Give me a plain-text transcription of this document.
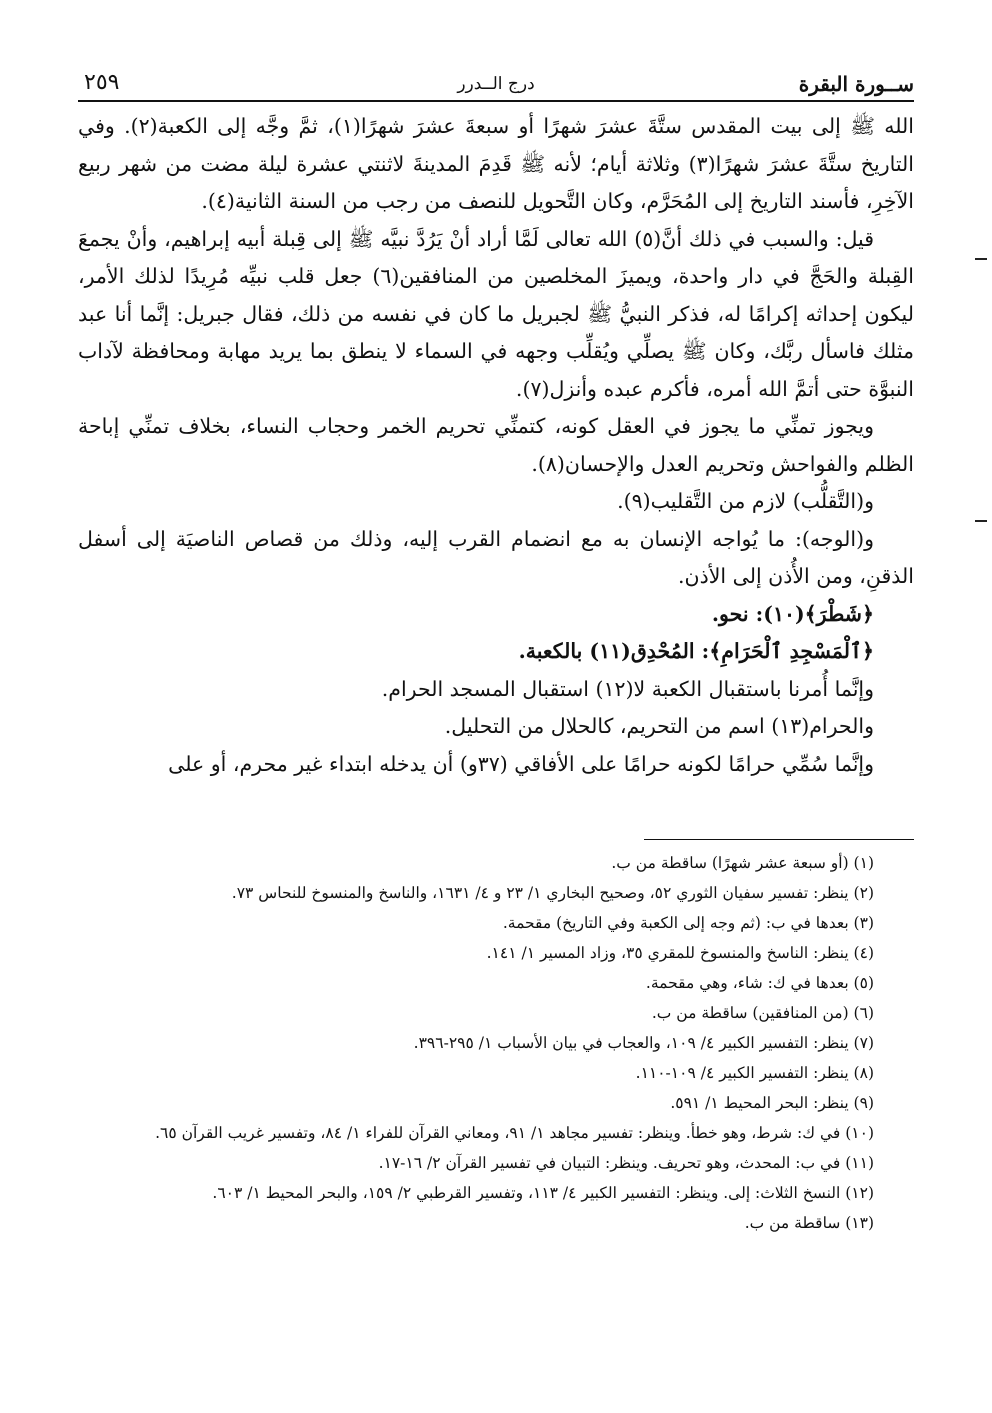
ســورة البقرة
درج الــدرر
٢٥٩

الله ﷺ إلى بيت المقدس ستَّةَ عشرَ شهرًا أو سبعةَ عشرَ شهرًا(١)، ثمَّ وجَّه إلى الكعبة(٢). وفي التاريخ ستَّةَ عشرَ شهرًا(٣) وثلاثة أيام؛ لأنه ﷺ قَدِمَ المدينةَ لاثنتي عشرة ليلة مضت من شهر ربيع الآخِرِ، فأسند التاريخ إلى المُحَرَّم، وكان التَّحويل للنصف من رجب من السنة الثانية(٤).

قيل: والسبب في ذلك أنَّ(٥) الله تعالى لَمَّا أراد أنْ يَرُدَّ نبيَّه ﷺ إلى قِبلة أبيه إبراهيم، وأنْ يجمعَ القِبلة والحَجَّ في دار واحدة، ويميزَ المخلصين من المنافقين(٦) جعل قلب نبيِّه مُرِيدًا لذلك الأمر، ليكون إحداثه إكرامًا له، فذكر النبيُّ ﷺ لجبريل ما كان في نفسه من ذلك، فقال جبريل: إنَّما أنا عبد مثلك فاسأل ربَّك، وكان ﷺ يصلِّي ويُقلِّب وجهه في السماء لا ينطق بما يريد مهابة ومحافظة لآداب النبوَّة حتى أتمَّ الله أمره، فأكرم عبده وأنزل(٧).

ويجوز تمنِّي ما يجوز في العقل كونه، كتمنِّي تحريم الخمر وحجاب النساء، بخلاف تمنِّي إباحة الظلم والفواحش وتحريم العدل والإحسان(٨).

و(التَّقلُّب) لازم من التَّقليب(٩).

و(الوجه): ما يُواجه الإنسان به مع انضمام القرب إليه، وذلك من قصاص الناصيَة إلى أسفل الذقنِ، ومن الأُذن إلى الأذن.

﴿شَطْرَ﴾(١٠): نحو.

﴿ٱلْمَسْجِدِ ٱلْحَرَامِ﴾: المُحْدِق(١١) بالكعبة.

وإنَّما أُمرنا باستقبال الكعبة لا(١٢) استقبال المسجد الحرام.

والحرام(١٣) اسم من التحريم، كالحلال من التحليل.

وإنَّما سُمِّي حرامًا لكونه حرامًا على الأفاقي (٣٧و) أن يدخله ابتداء غير محرم، أو على

(١) (أو سبعة عشر شهرًا) ساقطة من ب.
(٢) ينظر: تفسير سفيان الثوري ٥٢، وصحيح البخاري ١/ ٢٣ و ٤/ ١٦٣١، والناسخ والمنسوخ للنحاس ٧٣.
(٣) بعدها في ب: (ثم وجه إلى الكعبة وفي التاريخ) مقحمة.
(٤) ينظر: الناسخ والمنسوخ للمقري ٣٥، وزاد المسير ١/ ١٤١.
(٥) بعدها في ك: شاء، وهي مقحمة.
(٦) (من المنافقين) ساقطة من ب.
(٧) ينظر: التفسير الكبير ٤/ ١٠٩، والعجاب في بيان الأسباب ١/ ٢٩٥-٣٩٦.
(٨) ينظر: التفسير الكبير ٤/ ١٠٩-١١٠.
(٩) ينظر: البحر المحيط ١/ ٥٩١.
(١٠) في ك: شرط، وهو خطأ. وينظر: تفسير مجاهد ١/ ٩١، ومعاني القرآن للفراء ١/ ٨٤، وتفسير غريب القرآن ٦٥.
(١١) في ب: المحدث، وهو تحريف. وينظر: التبيان في تفسير القرآن ٢/ ١٦-١٧.
(١٢) النسخ الثلاث: إلى. وينظر: التفسير الكبير ٤/ ١١٣، وتفسير القرطبي ٢/ ١٥٩، والبحر المحيط ١/ ٦٠٣.
(١٣) ساقطة من ب.
